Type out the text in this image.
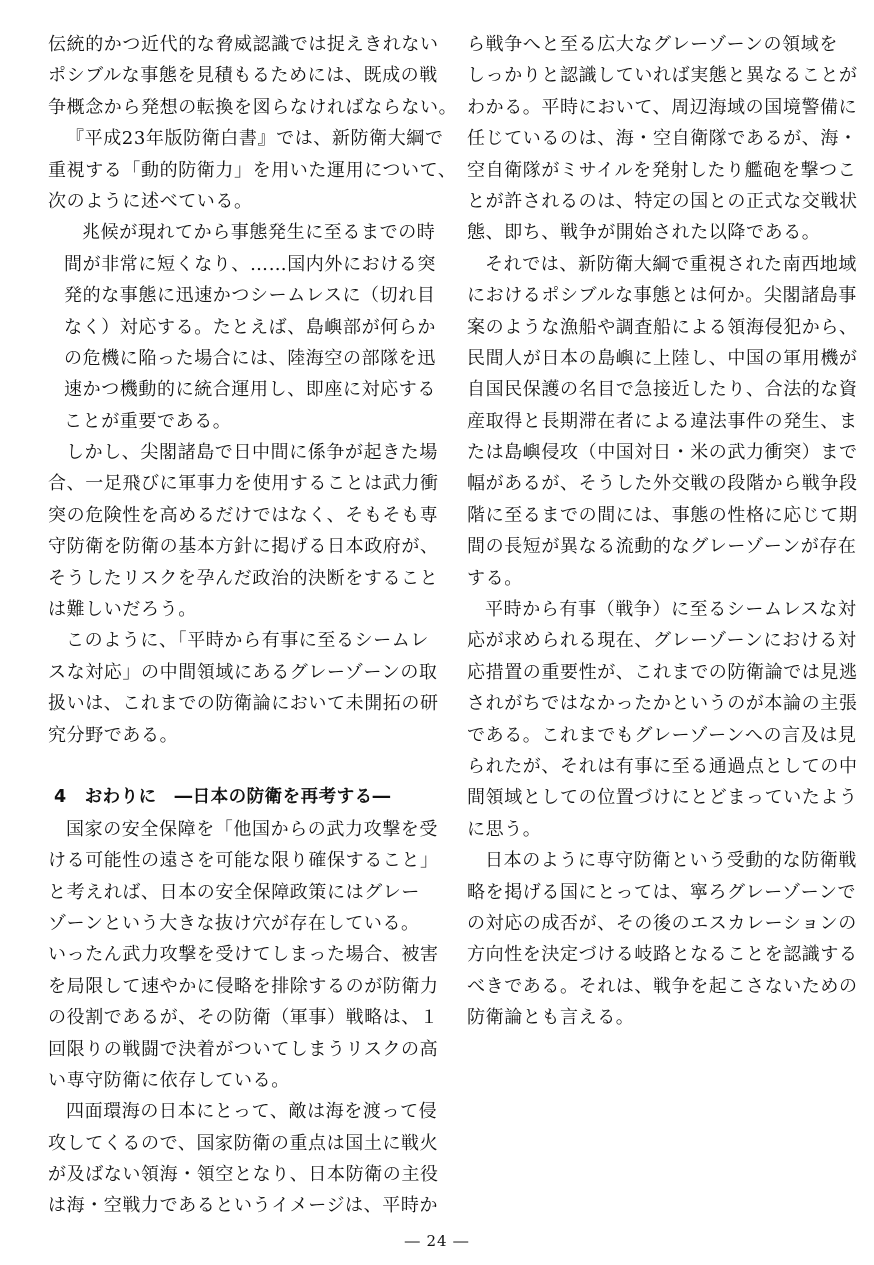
伝統的かつ近代的な脅威認識では捉えきれない
ポシブルな事態を見積もるためには、既成の戦
争概念から発想の転換を図らなければならない。
『平成23年版防衛白書』では、新防衛大綱で
重視する「動的防衛力」を用いた運用について、
次のように述べている。
兆候が現れてから事態発生に至るまでの時
間が非常に短くなり、……国内外における突
発的な事態に迅速かつシームレスに（切れ目
なく）対応する。たとえば、島嶼部が何らか
の危機に陥った場合には、陸海空の部隊を迅
速かつ機動的に統合運用し、即座に対応する
ことが重要である。
しかし、尖閣諸島で日中間に係争が起きた場
合、一足飛びに軍事力を使用することは武力衝
突の危険性を高めるだけではなく、そもそも専
守防衛を防衛の基本方針に掲げる日本政府が、
そうしたリスクを孕んだ政治的決断をすること
は難しいだろう。
このように、「平時から有事に至るシームレ
スな対応」の中間領域にあるグレーゾーンの取
扱いは、これまでの防衛論において未開拓の研
究分野である。
4 おわりに　―日本の防衛を再考する―
国家の安全保障を「他国からの武力攻撃を受
ける可能性の遠さを可能な限り確保すること」
と考えれば、日本の安全保障政策にはグレー
ゾーンという大きな抜け穴が存在している。
いったん武力攻撃を受けてしまった場合、被害
を局限して速やかに侵略を排除するのが防衛力
の役割であるが、その防衛（軍事）戦略は、１
回限りの戦闘で決着がついてしまうリスクの高
い専守防衛に依存している。
四面環海の日本にとって、敵は海を渡って侵
攻してくるので、国家防衛の重点は国土に戦火
が及ばない領海・領空となり、日本防衛の主役
は海・空戦力であるというイメージは、平時か
ら戦争へと至る広大なグレーゾーンの領域を
しっかりと認識していれば実態と異なることが
わかる。平時において、周辺海域の国境警備に
任じているのは、海・空自衛隊であるが、海・
空自衛隊がミサイルを発射したり艦砲を撃つこ
とが許されるのは、特定の国との正式な交戦状
態、即ち、戦争が開始された以降である。
それでは、新防衛大綱で重視された南西地域
におけるポシブルな事態とは何か。尖閣諸島事
案のような漁船や調査船による領海侵犯から、
民間人が日本の島嶼に上陸し、中国の軍用機が
自国民保護の名目で急接近したり、合法的な資
産取得と長期滞在者による違法事件の発生、ま
たは島嶼侵攻（中国対日・米の武力衝突）まで
幅があるが、そうした外交戦の段階から戦争段
階に至るまでの間には、事態の性格に応じて期
間の長短が異なる流動的なグレーゾーンが存在
する。
平時から有事（戦争）に至るシームレスな対
応が求められる現在、グレーゾーンにおける対
応措置の重要性が、これまでの防衛論では見逃
されがちではなかったかというのが本論の主張
である。これまでもグレーゾーンへの言及は見
られたが、それは有事に至る通過点としての中
間領域としての位置づけにとどまっていたよう
に思う。
日本のように専守防衛という受動的な防衛戦
略を掲げる国にとっては、寧ろグレーゾーンで
の対応の成否が、その後のエスカレーションの
方向性を決定づける岐路となることを認識する
べきである。それは、戦争を起こさないための
防衛論とも言える。
― 24 ―
